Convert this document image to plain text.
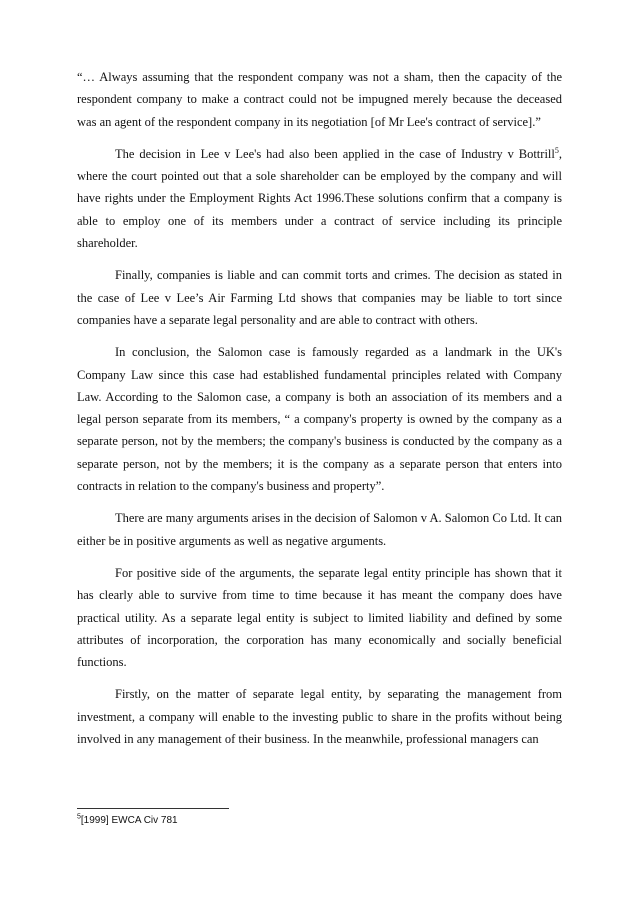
“… Always assuming that the respondent company was not a sham, then the capacity of the respondent company to make a contract could not be impugned merely because the deceased was an agent of the respondent company in its negotiation [of Mr Lee's contract of service].”

The decision in Lee v Lee's had also been applied in the case of Industry v Bottrill$^5$, where the court pointed out that a sole shareholder can be employed by the company and will have rights under the Employment Rights Act 1996.These solutions confirm that a company is able to employ one of its members under a contract of service including its principle shareholder.

Finally, companies is liable and can commit torts and crimes. The decision as stated in the case of Lee v Lee’s Air Farming Ltd shows that companies may be liable to tort since companies have a separate legal personality and are able to contract with others.

In conclusion, the Salomon case is famously regarded as a landmark in the UK's Company Law since this case had established fundamental principles related with Company Law. According to the Salomon case, a company is both an association of its members and a legal person separate from its members, “ a company's property is owned by the company as a separate person, not by the members; the company's business is conducted by the company as a separate person, not by the members; it is the company as a separate person that enters into contracts in relation to the company's business and property”.

There are many arguments arises in the decision of Salomon v A. Salomon Co Ltd. It can either be in positive arguments as well as negative arguments.

For positive side of the arguments, the separate legal entity principle has shown that it has clearly able to survive from time to time because it has meant the company does have practical utility. As a separate legal entity is subject to limited liability and defined by some attributes of incorporation, the corporation has many economically and socially beneficial functions.

Firstly, on the matter of separate legal entity, by separating the management from investment, a company will enable to the investing public to share in the profits without being involved in any management of their business. In the meanwhile, professional managers can

$^5$[1999] EWCA Civ 781
